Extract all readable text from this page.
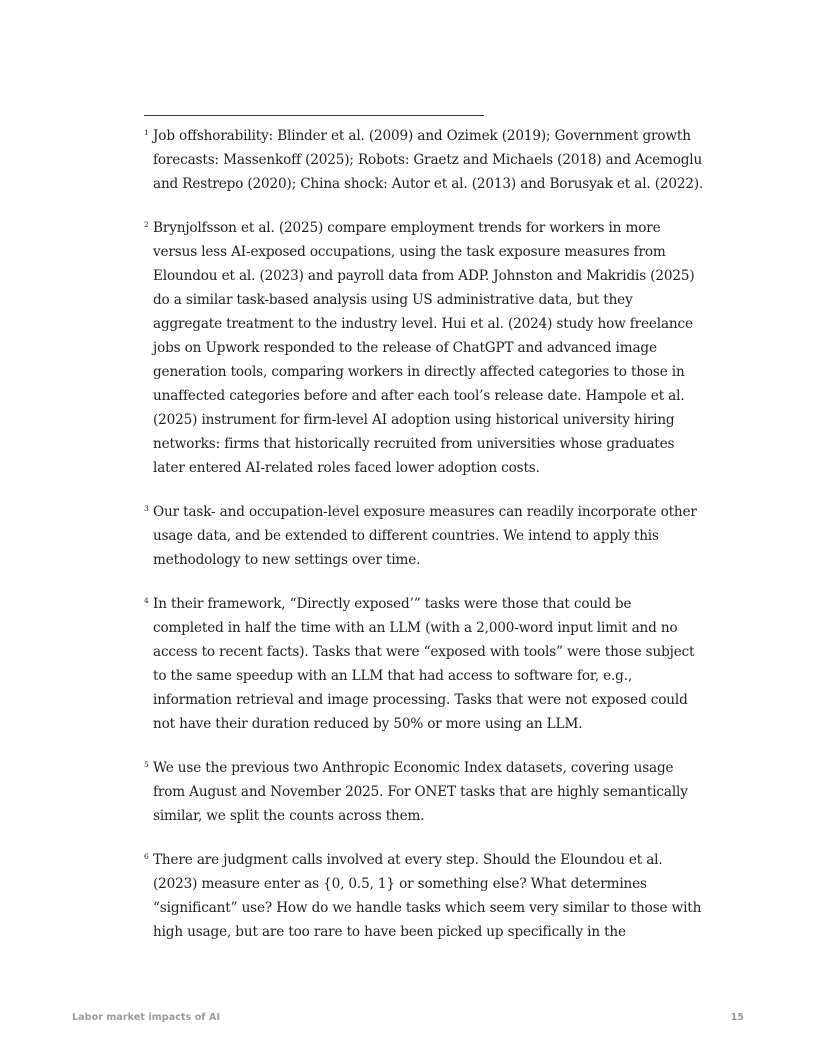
1 Job offshorability: Blinder et al. (2009) and Ozimek (2019); Government growth forecasts: Massenkoff (2025); Robots: Graetz and Michaels (2018) and Acemoglu and Restrepo (2020); China shock: Autor et al. (2013) and Borusyak et al. (2022).
2 Brynjolfsson et al. (2025) compare employment trends for workers in more versus less AI-exposed occupations, using the task exposure measures from Eloundou et al. (2023) and payroll data from ADP. Johnston and Makridis (2025) do a similar task-based analysis using US administrative data, but they aggregate treatment to the industry level. Hui et al. (2024) study how freelance jobs on Upwork responded to the release of ChatGPT and advanced image generation tools, comparing workers in directly affected categories to those in unaffected categories before and after each tool’s release date. Hampole et al. (2025) instrument for firm-level AI adoption using historical university hiring networks: firms that historically recruited from universities whose graduates later entered AI-related roles faced lower adoption costs.
3 Our task- and occupation-level exposure measures can readily incorporate other usage data, and be extended to different countries. We intend to apply this methodology to new settings over time.
4 In their framework, “Directly exposed’” tasks were those that could be completed in half the time with an LLM (with a 2,000-word input limit and no access to recent facts). Tasks that were “exposed with tools” were those subject to the same speedup with an LLM that had access to software for, e.g., information retrieval and image processing. Tasks that were not exposed could not have their duration reduced by 50% or more using an LLM.
5 We use the previous two Anthropic Economic Index datasets, covering usage from August and November 2025. For ONET tasks that are highly semantically similar, we split the counts across them.
6 There are judgment calls involved at every step. Should the Eloundou et al. (2023) measure enter as {0, 0.5, 1} or something else? What determines “significant” use? How do we handle tasks which seem very similar to those with high usage, but are too rare to have been picked up specifically in the
Labor market impacts of AI	15
